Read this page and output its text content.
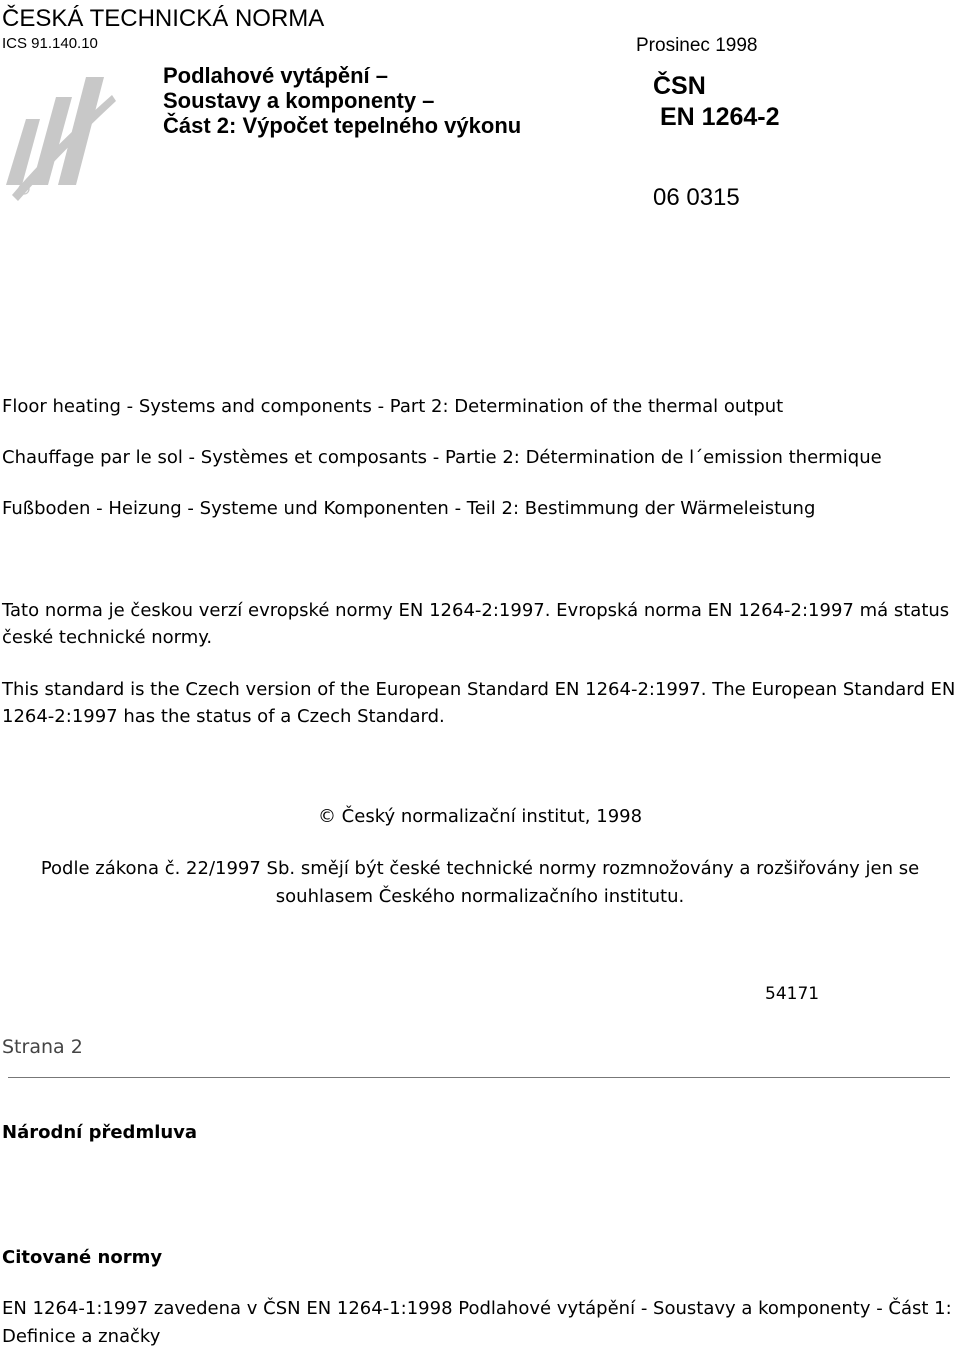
ČESKÁ TECHNICKÁ NORMA
ICS 91.140.10	Prosinec 1998
Podlahové vytápění –
Soustavy a komponenty –
Část 2: Výpočet tepelného výkonu
ČSN
EN 1264-2
06 0315
Floor heating - Systems and components - Part 2: Determination of the thermal output
Chauffage par le sol - Systèmes et composants - Partie 2: Détermination de l´emission thermique
Fußboden - Heizung - Systeme und Komponenten - Teil 2: Bestimmung der Wärmeleistung
Tato norma je českou verzí evropské normy EN 1264-2:1997. Evropská norma EN 1264-2:1997 má status české technické normy.
This standard is the Czech version of the European Standard EN 1264-2:1997. The European Standard EN 1264-2:1997 has the status of a Czech Standard.
© Český normalizační institut, 1998
Podle zákona č. 22/1997 Sb. smějí být české technické normy rozmnožovány a rozšiřovány jen se
souhlasem Českého normalizačního institutu.
54171
Strana 2
Národní předmluva
Citované normy
EN 1264-1:1997 zavedena v ČSN EN 1264-1:1998 Podlahové vytápění - Soustavy a komponenty - Část 1: Definice a značky
